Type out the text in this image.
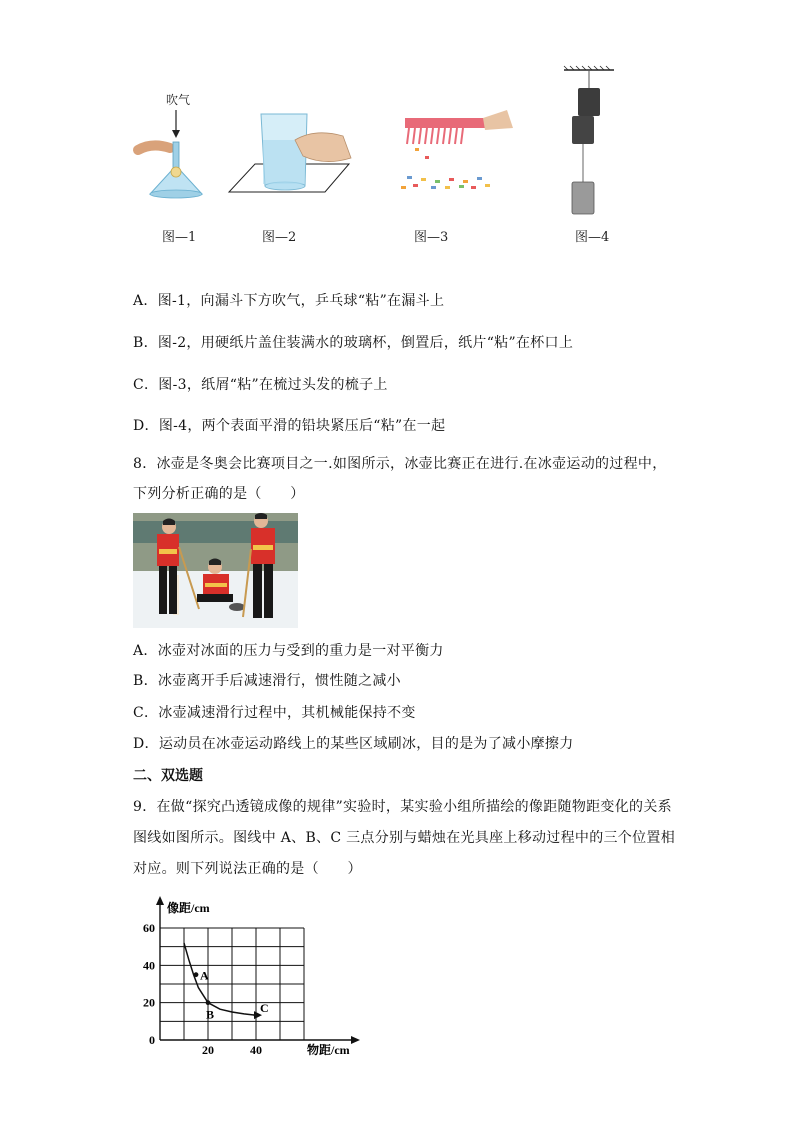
吹气
图—1	图—2	图—3	图—4
A．图-1，向漏斗下方吹气，乒乓球“粘”在漏斗上
B．图-2，用硬纸片盖住装满水的玻璃杯，倒置后，纸片“粘”在杯口上
C．图-3，纸屑“粘”在梳过头发的梳子上
D．图-4，两个表面平滑的铅块紧压后“粘”在一起
8．冰壶是冬奥会比赛项目之一.如图所示，冰壶比赛正在进行.在冰壶运动的过程中，
下列分析正确的是（　　）
A．冰壶对冰面的压力与受到的重力是一对平衡力
B．冰壶离开手后减速滑行，惯性随之减小
C．冰壶减速滑行过程中，其机械能保持不变
D．运动员在冰壶运动路线上的某些区域刷冰，目的是为了减小摩擦力
二、双选题
9．在做“探究凸透镜成像的规律”实验时，某实验小组所描绘的像距随物距变化的关系
图线如图所示。图线中 A、B、C 三点分别与蜡烛在光具座上移动过程中的三个位置相
对应。则下列说法正确的是（　　）
A
B	C
20	40
0
20
40
60
像距/cm
物距/cm
